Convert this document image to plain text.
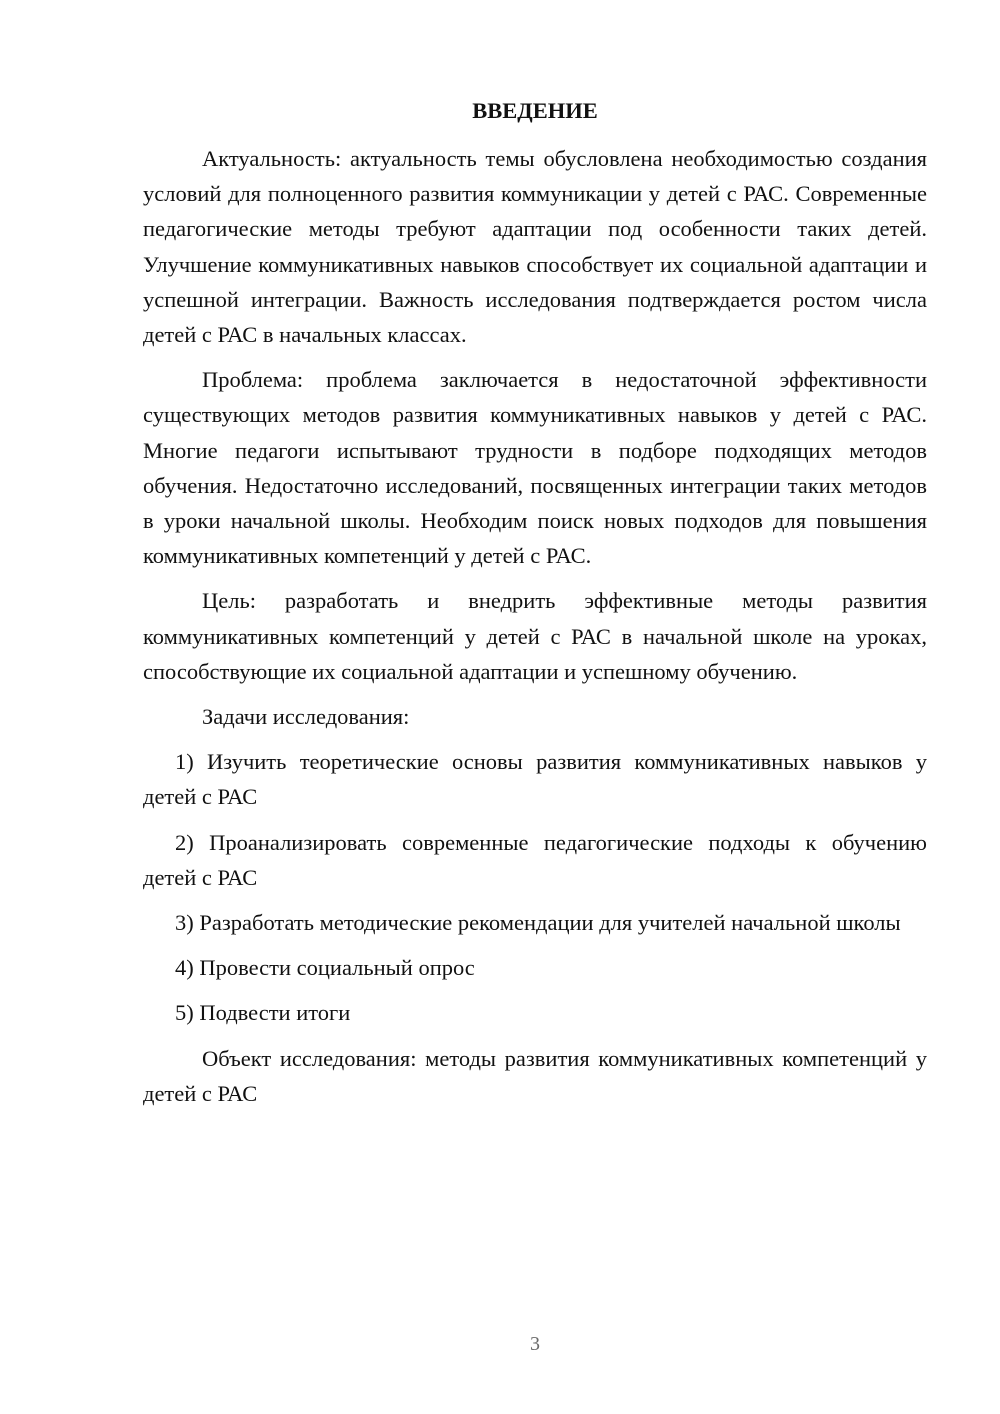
ВВЕДЕНИЕ

Актуальность: актуальность темы обусловлена необходимостью создания условий для полноценного развития коммуникации у детей с РАС. Современные педагогические методы требуют адаптации под особенности таких детей. Улучшение коммуникативных навыков способствует их социальной адаптации и успешной интеграции. Важность исследования подтверждается ростом числа детей с РАС в начальных классах.

Проблема: проблема заключается в недостаточной эффективности существующих методов развития коммуникативных навыков у детей с РАС. Многие педагоги испытывают трудности в подборе подходящих методов обучения. Недостаточно исследований, посвященных интеграции таких методов в уроки начальной школы. Необходим поиск новых подходов для повышения коммуникативных компетенций у детей с РАС.

Цель: разработать и внедрить эффективные методы развития коммуникативных компетенций у детей с РАС в начальной школе на уроках, способствующие их социальной адаптации и успешному обучению.

Задачи исследования:

1) Изучить теоретические основы развития коммуникативных навыков у детей с РАС

2) Проанализировать современные педагогические подходы к обучению детей с РАС

3) Разработать методические рекомендации для учителей начальной школы

4) Провести социальный опрос

5) Подвести итоги

Объект исследования: методы развития коммуникативных компетенций у детей с РАС

3
